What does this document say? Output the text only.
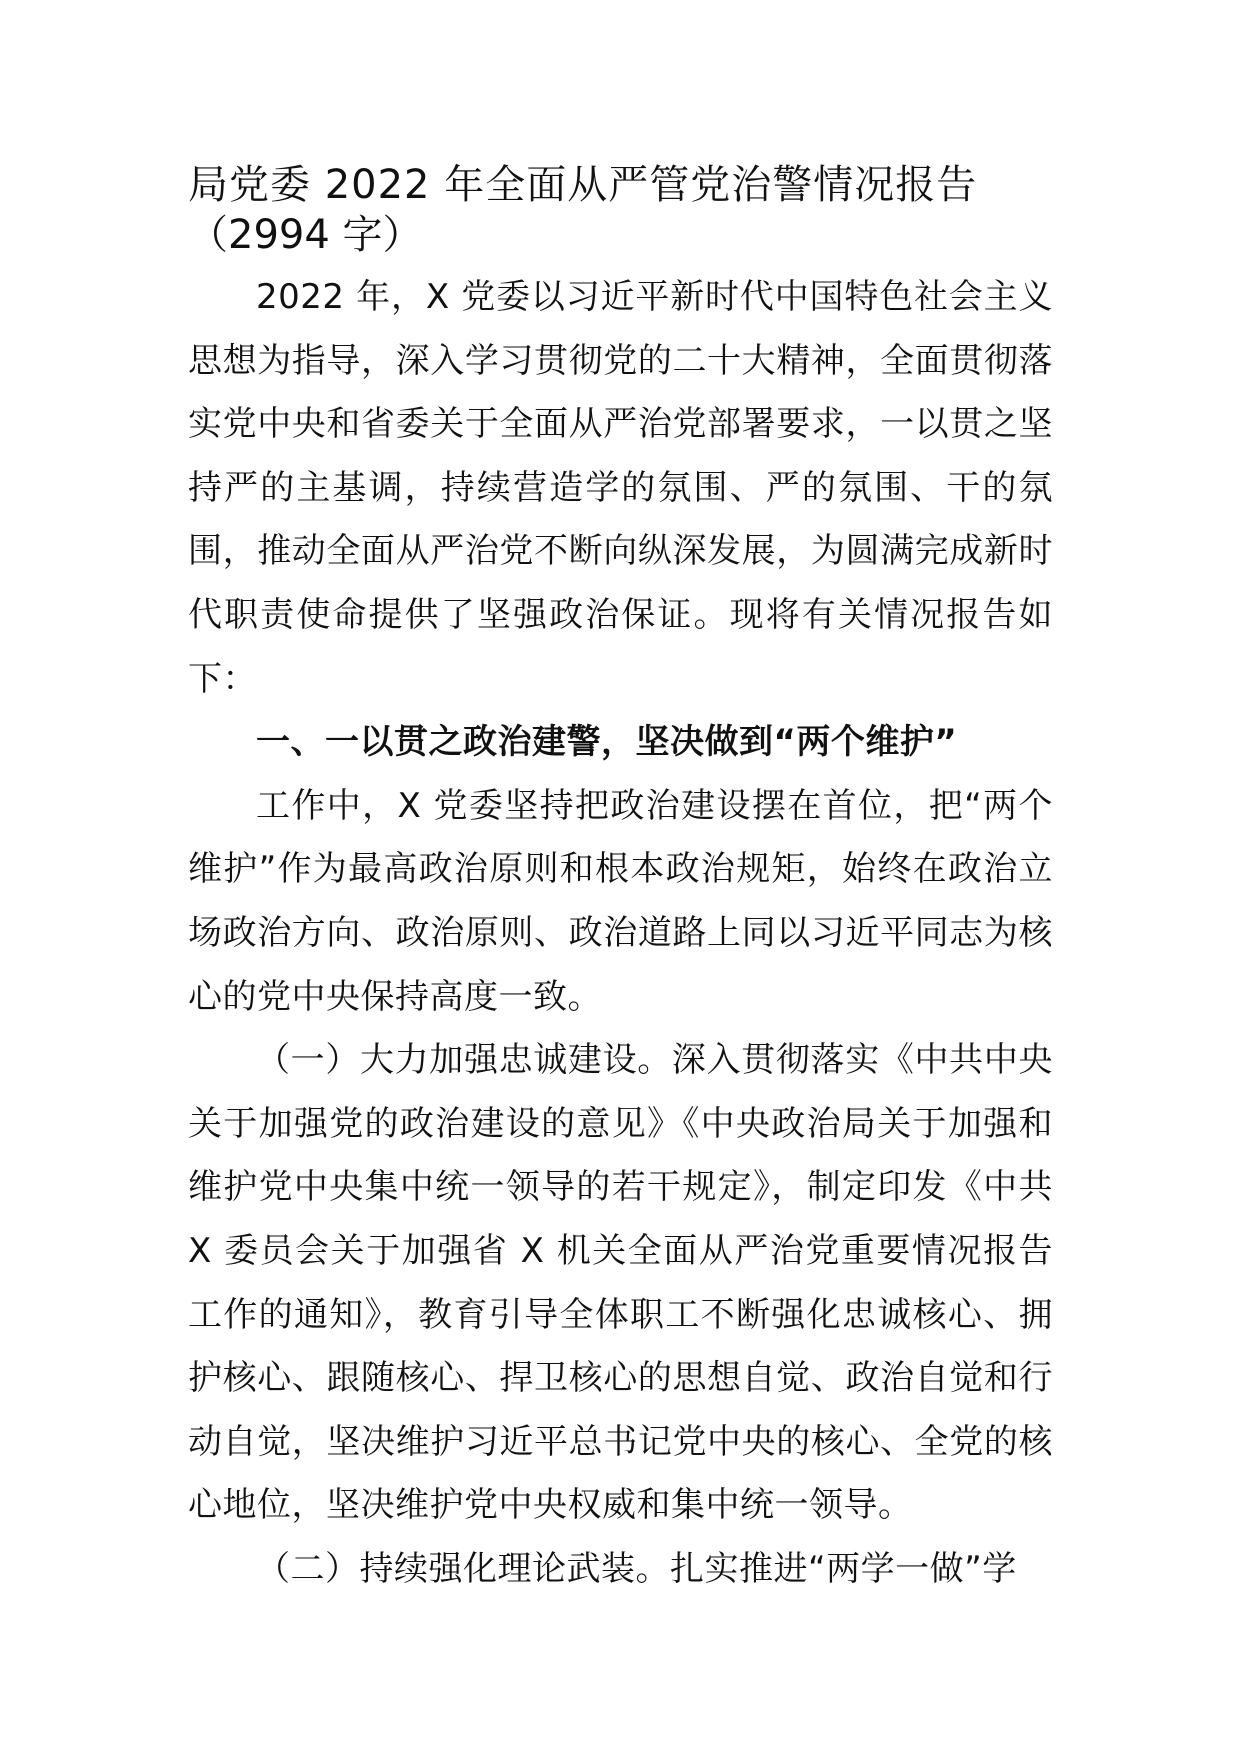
局党委 2022 年全面从严管党治警情况报告
（2994 字）

2022 年，X 党委以习近平新时代中国特色社会主义思想为指导，深入学习贯彻党的二十大精神，全面贯彻落实党中央和省委关于全面从严治党部署要求，一以贯之坚持严的主基调，持续营造学的氛围、严的氛围、干的氛围，推动全面从严治党不断向纵深发展，为圆满完成新时代职责使命提供了坚强政治保证。现将有关情况报告如下：

一、一以贯之政治建警，坚决做到“两个维护”

工作中，X 党委坚持把政治建设摆在首位，把“两个维护”作为最高政治原则和根本政治规矩，始终在政治立场政治方向、政治原则、政治道路上同以习近平同志为核心的党中央保持高度一致。

（一）大力加强忠诚建设。深入贯彻落实《中共中央关于加强党的政治建设的意见》《中央政治局关于加强和维护党中央集中统一领导的若干规定》，制定印发《中共 X 委员会关于加强省 X 机关全面从严治党重要情况报告工作的通知》，教育引导全体职工不断强化忠诚核心、拥护核心、跟随核心、捍卫核心的思想自觉、政治自觉和行动自觉，坚决维护习近平总书记党中央的核心、全党的核心地位，坚决维护党中央权威和集中统一领导。

（二）持续强化理论武装。扎实推进“两学一做”学
